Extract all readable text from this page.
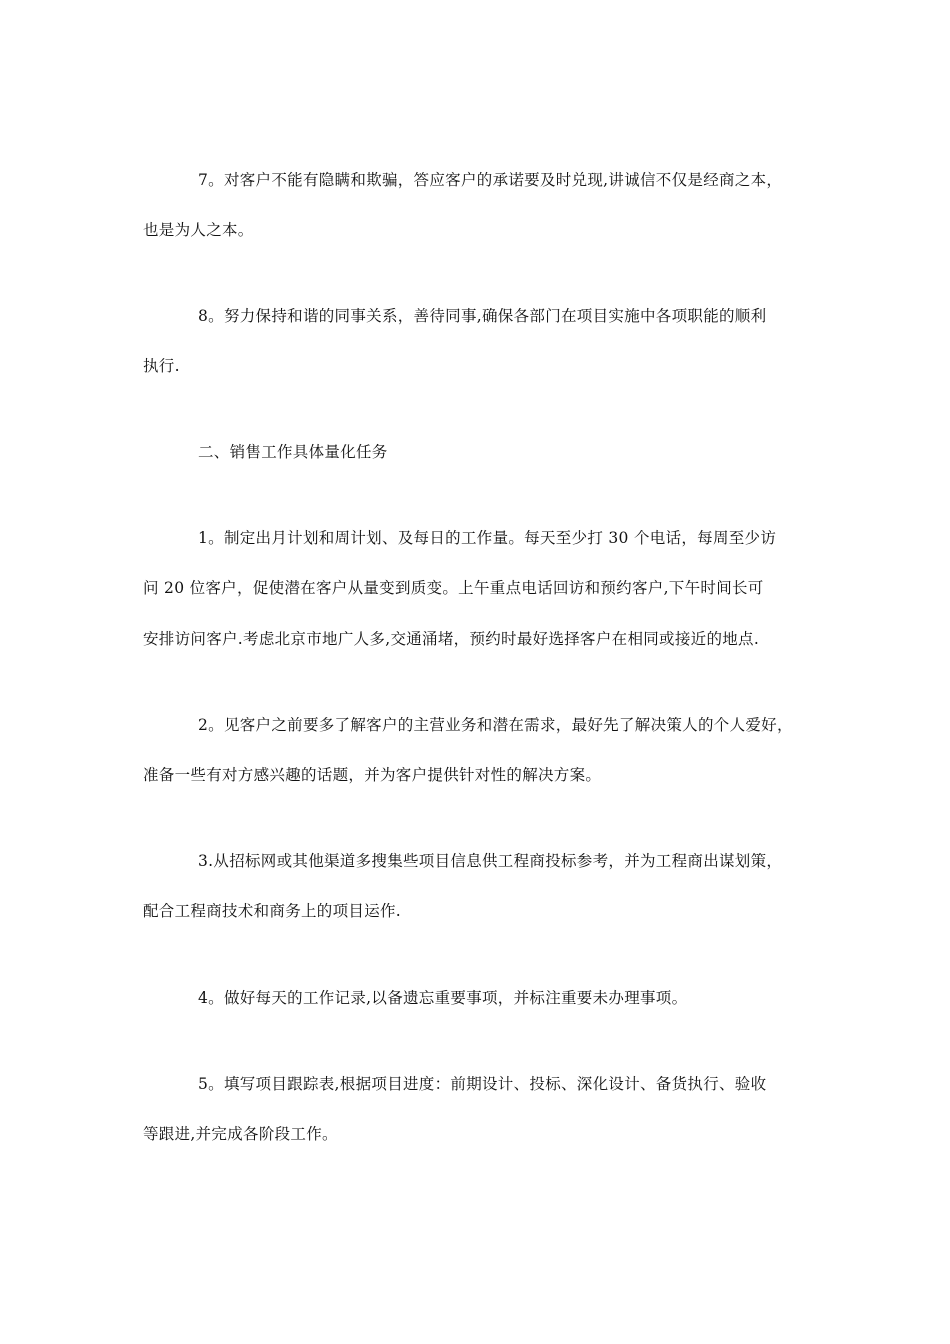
7。对客户不能有隐瞒和欺骗，答应客户的承诺要及时兑现,讲诚信不仅是经商之本，
也是为人之本。
8。努力保持和谐的同事关系，善待同事,确保各部门在项目实施中各项职能的顺利
执行.
二、销售工作具体量化任务
1。制定出月计划和周计划、及每日的工作量。每天至少打 30 个电话，每周至少访
问 20 位客户，促使潜在客户从量变到质变。上午重点电话回访和预约客户,下午时间长可
安排访问客户.考虑北京市地广人多,交通涌堵，预约时最好选择客户在相同或接近的地点.
2。见客户之前要多了解客户的主营业务和潜在需求，最好先了解决策人的个人爱好，
准备一些有对方感兴趣的话题，并为客户提供针对性的解决方案。
3.从招标网或其他渠道多搜集些项目信息供工程商投标参考，并为工程商出谋划策，
配合工程商技术和商务上的项目运作.
4。做好每天的工作记录,以备遗忘重要事项，并标注重要未办理事项。
5。填写项目跟踪表,根据项目进度：前期设计、投标、深化设计、备货执行、验收
等跟进,并完成各阶段工作。
